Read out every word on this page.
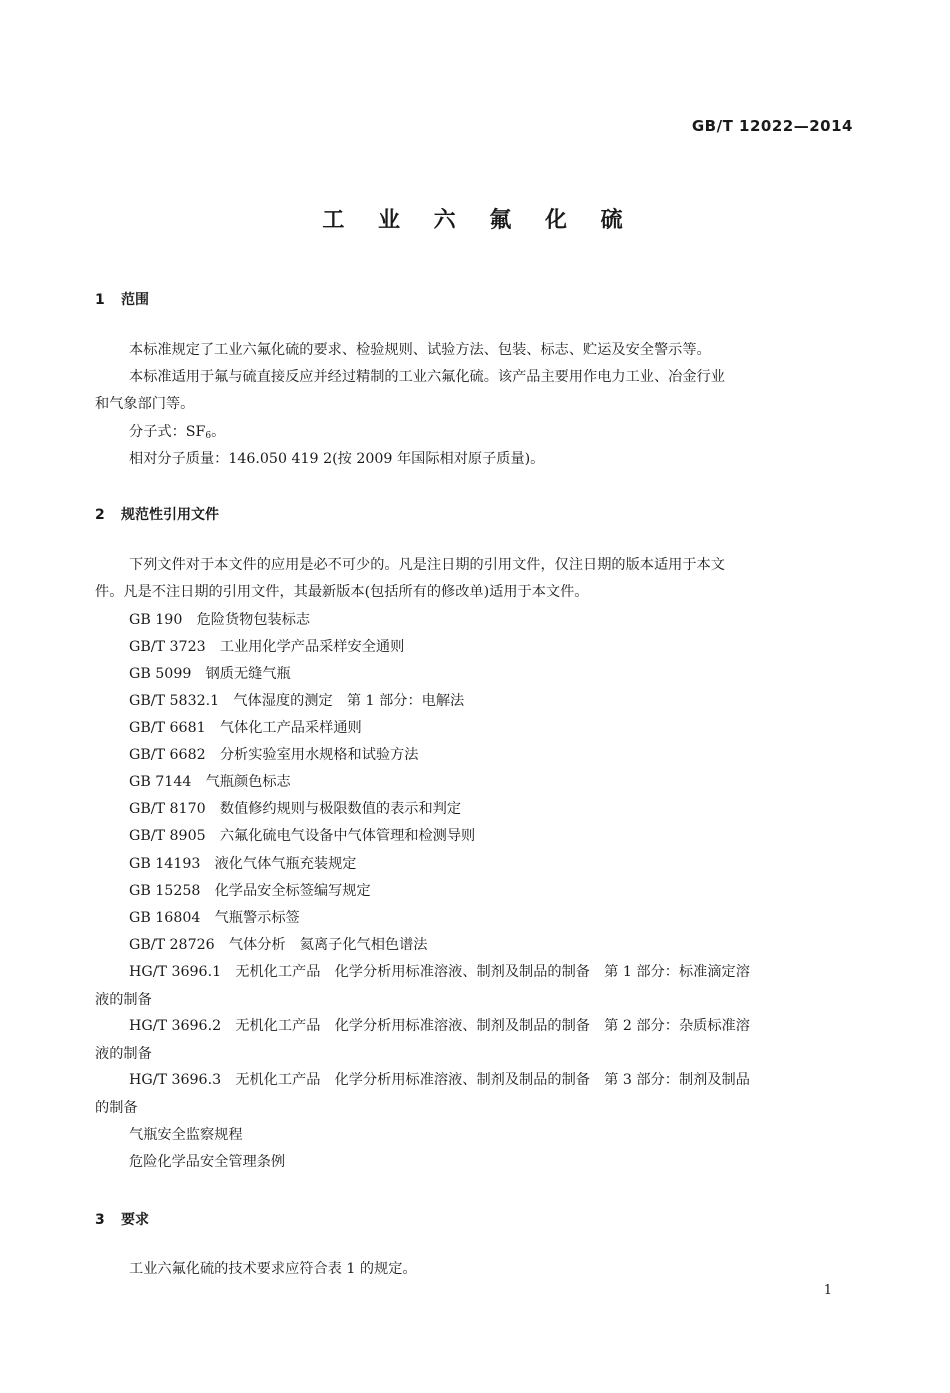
GB/T 12022—2014
工 业 六 氟 化 硫
1 范围
本标准规定了工业六氟化硫的要求、检验规则、试验方法、包装、标志、贮运及安全警示等。
本标准适用于氟与硫直接反应并经过精制的工业六氟化硫。该产品主要用作电力工业、冶金行业
和气象部门等。
分子式：$SF_6$。
相对分子质量：146.050 419 2(按 2009 年国际相对原子质量)。
2 规范性引用文件
下列文件对于本文件的应用是必不可少的。凡是注日期的引用文件，仅注日期的版本适用于本文
件。凡是不注日期的引用文件，其最新版本(包括所有的修改单)适用于本文件。
GB 190　 危险货物包装标志
GB/T 3723　 工业用化学产品采样安全通则
GB 5099　 钢质无缝气瓶
GB/T 5832.1　 气体湿度的测定　第 1 部分：电解法
GB/T 6681　 气体化工产品采样通则
GB/T 6682　 分析实验室用水规格和试验方法
GB 7144　 气瓶颜色标志
GB/T 8170　 数值修约规则与极限数值的表示和判定
GB/T 8905　 六氟化硫电气设备中气体管理和检测导则
GB 14193　 液化气体气瓶充装规定
GB 15258　 化学品安全标签编写规定
GB 16804　 气瓶警示标签
GB/T 28726　 气体分析　氦离子化气相色谱法
HG/T 3696.1　无机化工产品　化学分析用标准溶液、制剂及制品的制备　第 1 部分：标准滴定溶
液的制备
HG/T 3696.2　无机化工产品　化学分析用标准溶液、制剂及制品的制备　第 2 部分：杂质标准溶
液的制备
HG/T 3696.3　无机化工产品　化学分析用标准溶液、制剂及制品的制备　第 3 部分：制剂及制品
的制备
气瓶安全监察规程
危险化学品安全管理条例
3 要求
工业六氟化硫的技术要求应符合表 1 的规定。
1
